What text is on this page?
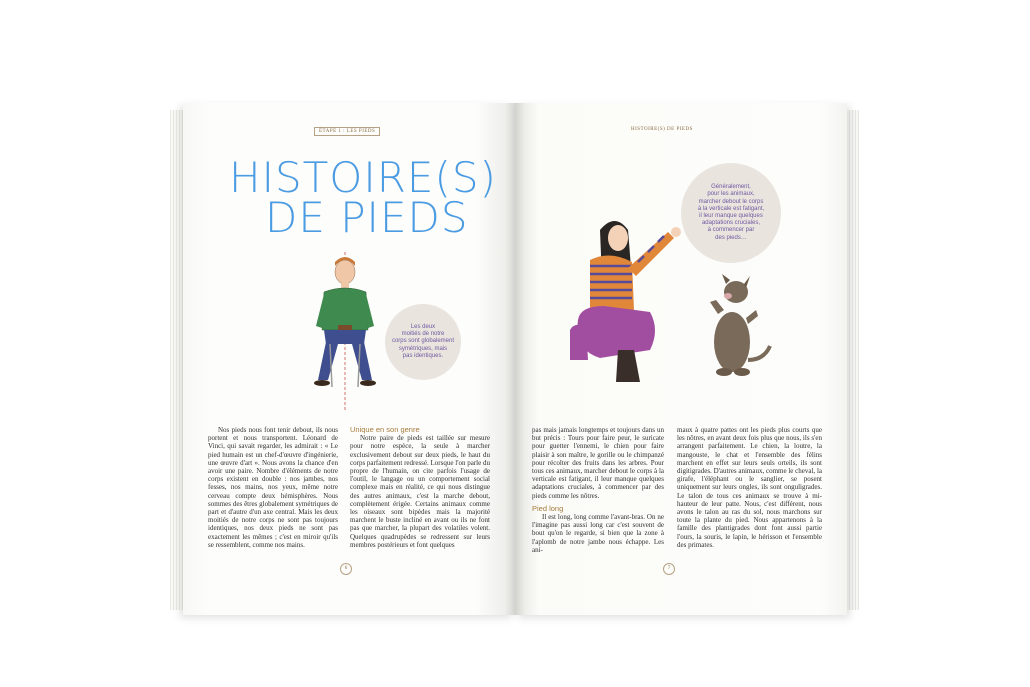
ÉTAPE 1 : LES PIEDS	HISTOIRE(S) DE PIEDS
HISTOIRE(S)
DE PIEDS
Les deux
moitiés de notre
corps sont globalement
symétriques, mais
pas identiques.

Nos pieds nous font tenir debout, ils nous portent et nous transportent. Léonard de Vinci, qui savait regarder, les admirait : « Le pied humain est un chef-d'œuvre d'ingénierie, une œuvre d'art ». Nous avons la chance d'en avoir une paire. Nombre d'éléments de notre corps existent en double : nos jambes, nos fesses, nos mains, nos yeux, même notre cerveau compte deux hémisphères. Nous sommes des êtres globalement symétriques de part et d'autre d'un axe central. Mais les deux moitiés de notre corps ne sont pas toujours identiques, nos deux pieds ne sont pas exactement les mêmes ; c'est en miroir qu'ils se ressemblent, comme nos mains.

Unique en son genre

Notre paire de pieds est taillée sur mesure pour notre espèce, la seule à marcher exclusivement debout sur deux pieds, le haut du corps parfaitement redressé. Lorsque l'on parle du propre de l'humain, on cite parfois l'usage de l'outil, le langage ou un comportement social complexe mais en réalité, ce qui nous distingue des autres animaux, c'est la marche debout, complètement érigée. Certains animaux comme les oiseaux sont bipèdes mais la majorité marchent le buste incliné en avant ou ils ne font pas que marcher, la plupart des volatiles volent. Quelques quadrupèdes se redressent sur leurs membres postérieurs et font quelques

6
Généralement,
pour les animaux,
marcher debout le corps
à la verticale est fatigant,
il leur manque quelques
adaptations cruciales,
à commencer par
des pieds…

pas mais jamais longtemps et toujours dans un but précis : Tours pour faire peur, le suricate pour guetter l'ennemi, le chien pour faire plaisir à son maître, le gorille ou le chimpanzé pour récolter des fruits dans les arbres. Pour tous ces animaux, marcher debout le corps à la verticale est fatigant, il leur manque quelques adaptations cruciales, à commencer par des pieds comme les nôtres.

Pied long

Il est long, long comme l'avant-bras. On ne l'imagine pas aussi long car c'est souvent de bout qu'on le regarde, si bien que la zone à l'aplomb de notre jambe nous échappe. Les ani-

maux à quatre pattes ont les pieds plus courts que les nôtres, en avant deux fois plus que nous, ils s'en arrangent parfaitement. Le chien, la loutre, la mangouste, le chat et l'ensemble des félins marchent en effet sur leurs seuls orteils, ils sont digitigrades. D'autres animaux, comme le cheval, la girafe, l'éléphant ou le sanglier, se posent uniquement sur leurs ongles, ils sont onguligrades. Le talon de tous ces animaux se trouve à mi-hauteur de leur patte. Nous, c'est différent, nous avons le talon au ras du sol, nous marchons sur toute la plante du pied. Nous appartenons à la famille des plantigrades dont font aussi partie l'ours, la souris, le lapin, le hérisson et l'ensemble des primates.

7
